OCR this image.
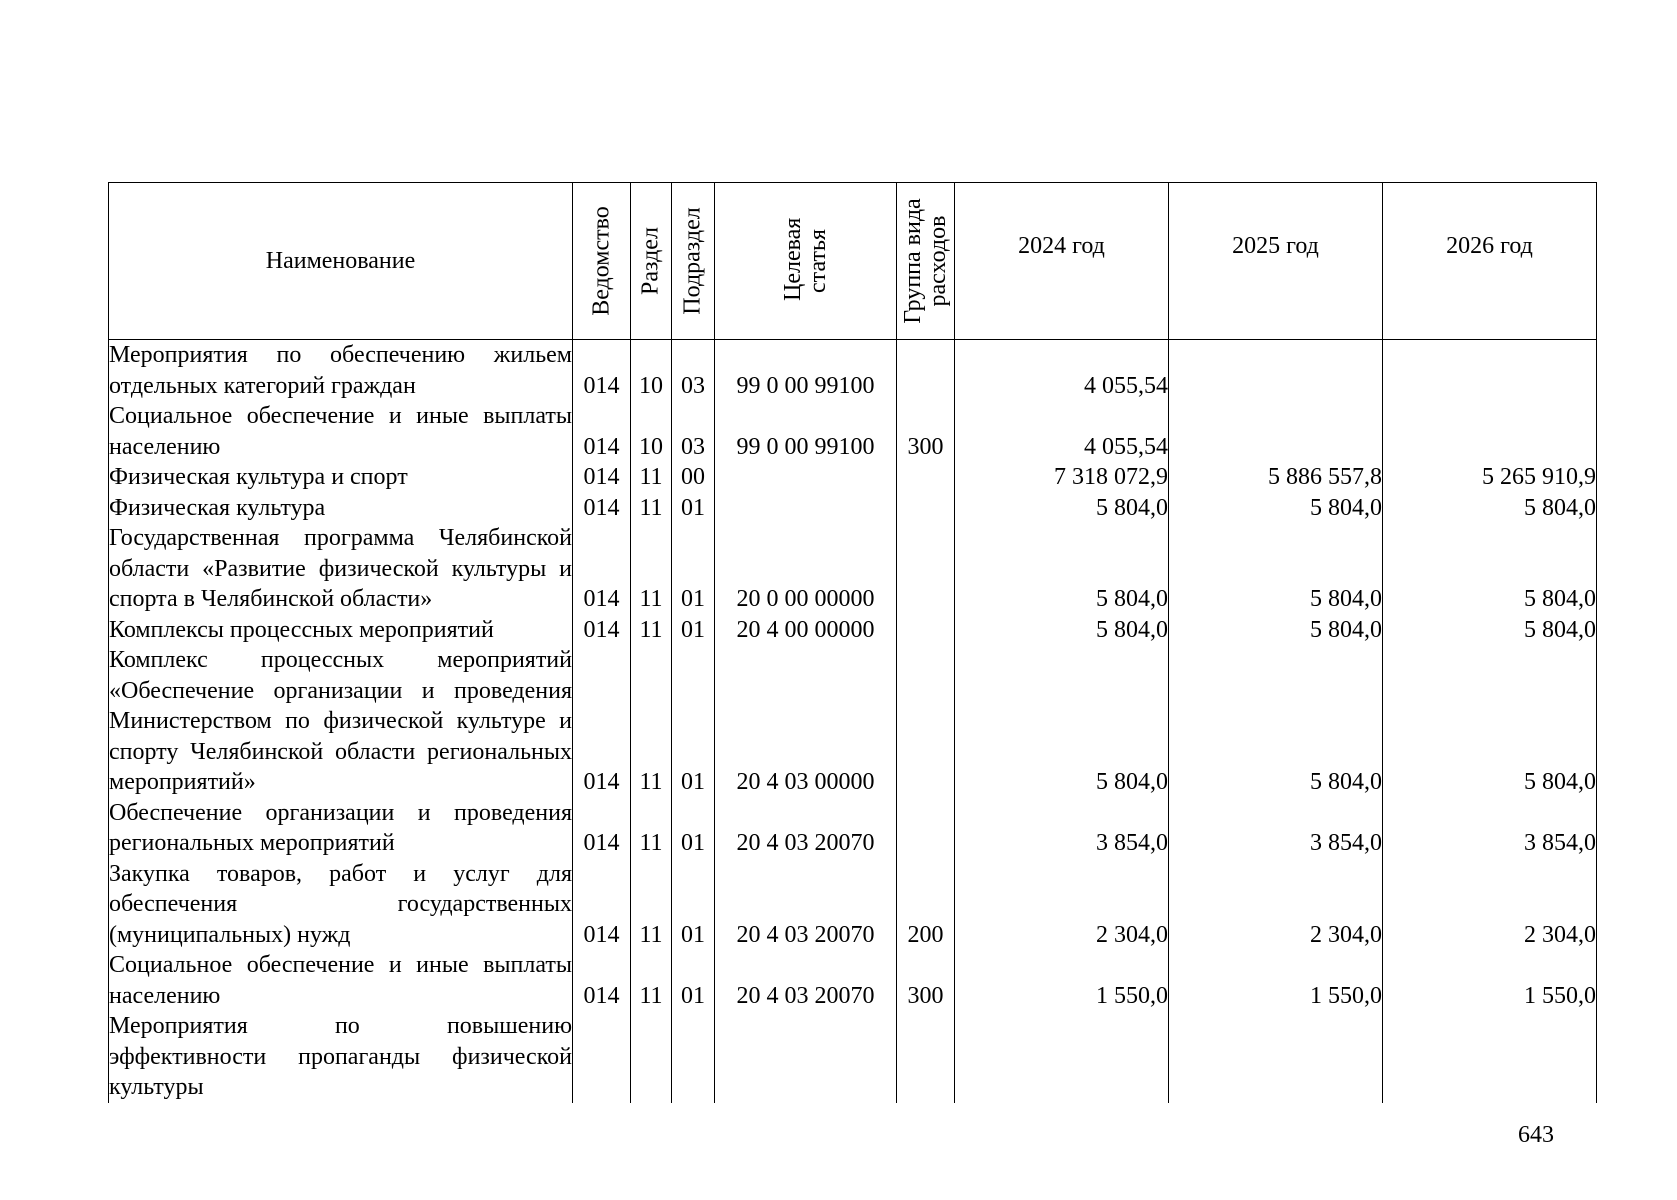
Наименование	Ведомство	Раздел	Подраздел	Целевая статья	Группа вида расходов	2024 год	2025 год	2026 год

Мероприятия по обеспечению жильем отдельных категорий граждан	014	10	03	99 0 00 99100		4 055,54		
Социальное обеспечение и иные выплаты населению	014	10	03	99 0 00 99100	300	4 055,54		
Физическая культура и спорт	014	11	00			7 318 072,9	5 886 557,8	5 265 910,9
Физическая культура	014	11	01			5 804,0	5 804,0	5 804,0
Государственная программа Челябинской области «Развитие физической культуры и спорта в Челябинской области»	014	11	01	20 0 00 00000		5 804,0	5 804,0	5 804,0
Комплексы процессных мероприятий	014	11	01	20 4 00 00000		5 804,0	5 804,0	5 804,0
Комплекс процессных мероприятий «Обеспечение организации и проведения Министерством по физической культуре и спорту Челябинской области региональных мероприятий»	014	11	01	20 4 03 00000		5 804,0	5 804,0	5 804,0
Обеспечение организации и проведения региональных мероприятий	014	11	01	20 4 03 20070		3 854,0	3 854,0	3 854,0
Закупка товаров, работ и услуг для обеспечения государственных (муниципальных) нужд	014	11	01	20 4 03 20070	200	2 304,0	2 304,0	2 304,0
Социальное обеспечение и иные выплаты населению	014	11	01	20 4 03 20070	300	1 550,0	1 550,0	1 550,0
Мероприятия по повышению эффективности пропаганды физической культуры								
643
